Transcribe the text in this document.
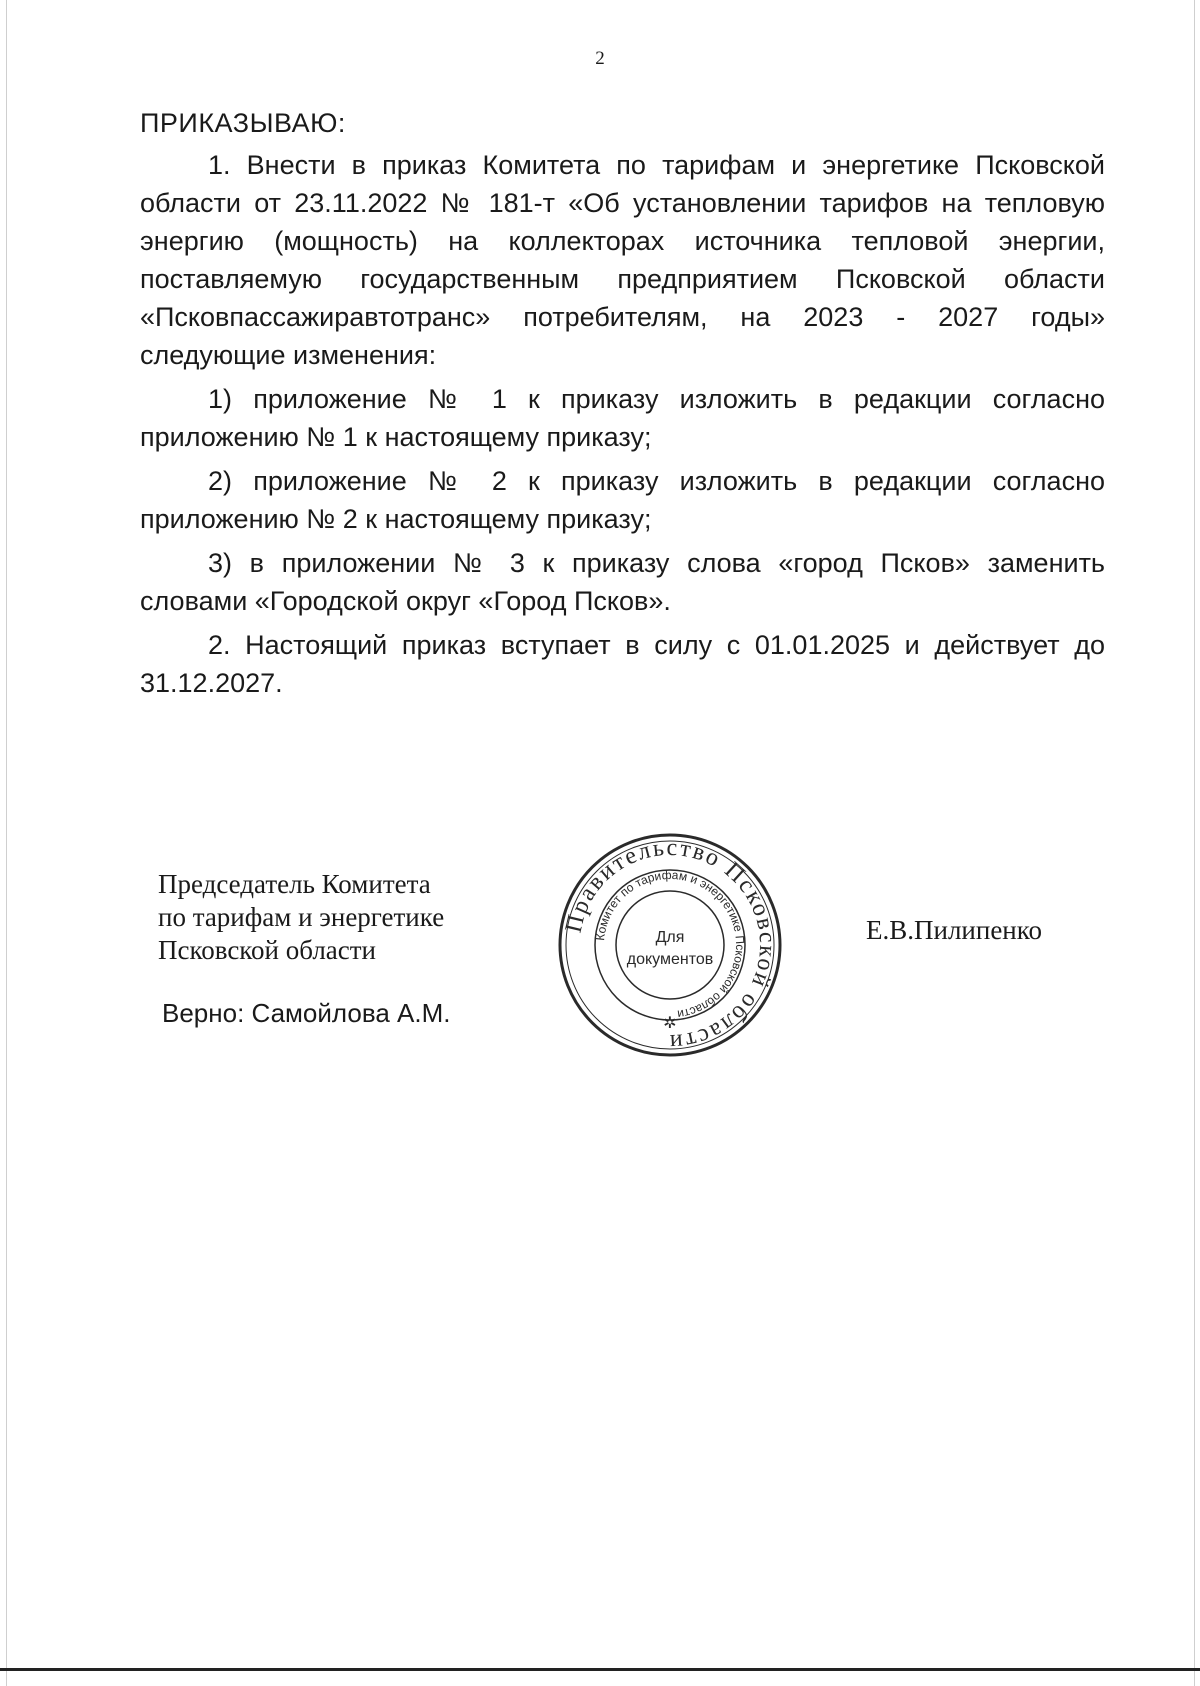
2
ПРИКАЗЫВАЮ:

1. Внести в приказ Комитета по тарифам и энергетике Псковской области от 23.11.2022 № 181-т «Об установлении тарифов на тепловую энергию (мощность) на коллекторах источника тепловой энергии, поставляемую государственным предприятием Псковской области «Псковпассажиравтотранс» потребителям, на 2023 - 2027 годы» следующие изменения:

1) приложение № 1 к приказу изложить в редакции согласно приложению № 1 к настоящему приказу;

2) приложение № 2 к приказу изложить в редакции согласно приложению № 2 к настоящему приказу;

3) в приложении № 3 к приказу слова «город Псков» заменить словами «Городской округ «Город Псков».

2. Настоящий приказ вступает в силу с 01.01.2025 и действует до 31.12.2027.

Председатель Комитета
по тарифам и энергетике
Псковской области
Верно: Самойлова А.М.
Е.В.Пилипенко
Правительство Псковской области
Комитет по тарифам и энергетике Псковской области
Для
документов
✲
